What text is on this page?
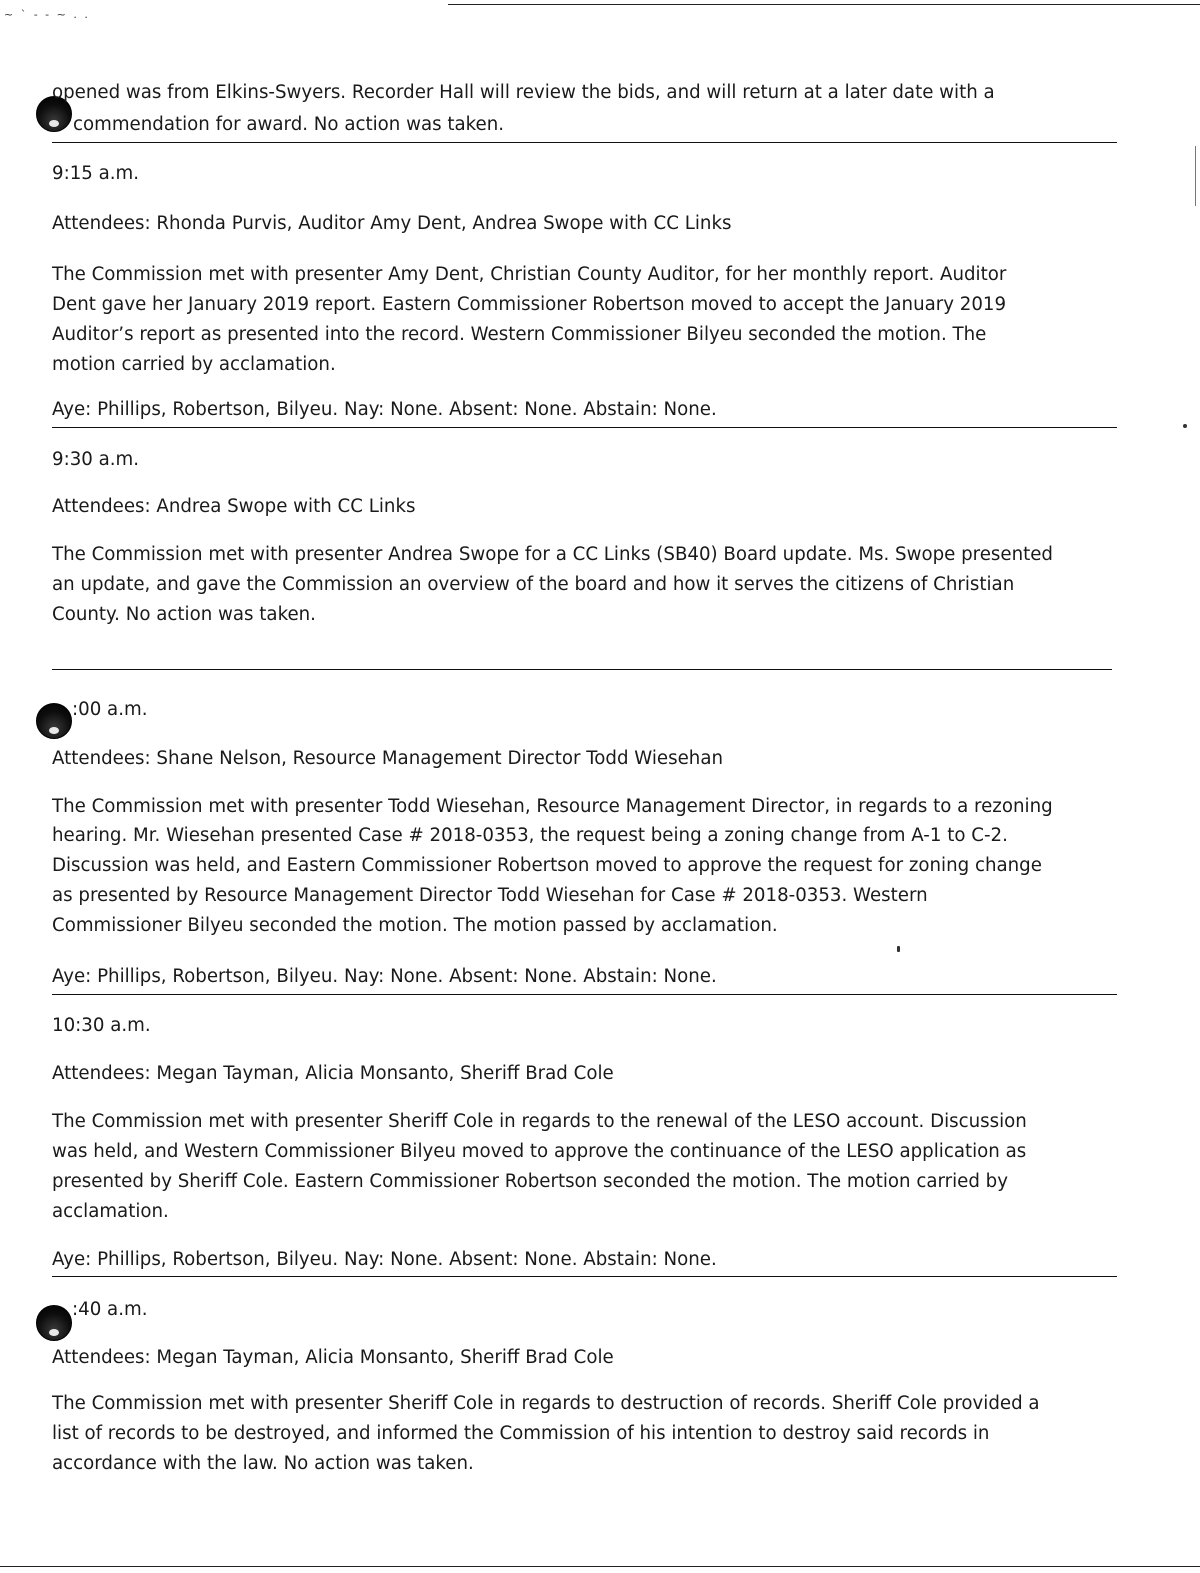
~ ` - - ~ . .

opened was from Elkins-Swyers. Recorder Hall will review the bids, and will return at a later date with a

commendation for award. No action was taken.

9:15 a.m.

Attendees: Rhonda Purvis, Auditor Amy Dent, Andrea Swope with CC Links

The Commission met with presenter Amy Dent, Christian County Auditor, for her monthly report. Auditor

Dent gave her January 2019 report. Eastern Commissioner Robertson moved to accept the January 2019

Auditor’s report as presented into the record. Western Commissioner Bilyeu seconded the motion. The

motion carried by acclamation.

Aye: Phillips, Robertson, Bilyeu. Nay: None. Absent: None. Abstain: None.

9:30 a.m.

Attendees: Andrea Swope with CC Links

The Commission met with presenter Andrea Swope for a CC Links (SB40) Board update. Ms. Swope presented

an update, and gave the Commission an overview of the board and how it serves the citizens of Christian

County. No action was taken.

:00 a.m.

Attendees: Shane Nelson, Resource Management Director Todd Wiesehan

The Commission met with presenter Todd Wiesehan, Resource Management Director, in regards to a rezoning

hearing. Mr. Wiesehan presented Case # 2018-0353, the request being a zoning change from A-1 to C-2.

Discussion was held, and Eastern Commissioner Robertson moved to approve the request for zoning change

as presented by Resource Management Director Todd Wiesehan for Case # 2018-0353. Western

Commissioner Bilyeu seconded the motion. The motion passed by acclamation.

Aye: Phillips, Robertson, Bilyeu. Nay: None. Absent: None. Abstain: None.

10:30 a.m.

Attendees: Megan Tayman, Alicia Monsanto, Sheriff Brad Cole

The Commission met with presenter Sheriff Cole in regards to the renewal of the LESO account. Discussion

was held, and Western Commissioner Bilyeu moved to approve the continuance of the LESO application as

presented by Sheriff Cole. Eastern Commissioner Robertson seconded the motion. The motion carried by

acclamation.

Aye: Phillips, Robertson, Bilyeu. Nay: None. Absent: None. Abstain: None.

:40 a.m.

Attendees: Megan Tayman, Alicia Monsanto, Sheriff Brad Cole

The Commission met with presenter Sheriff Cole in regards to destruction of records. Sheriff Cole provided a

list of records to be destroyed, and informed the Commission of his intention to destroy said records in

accordance with the law. No action was taken.
